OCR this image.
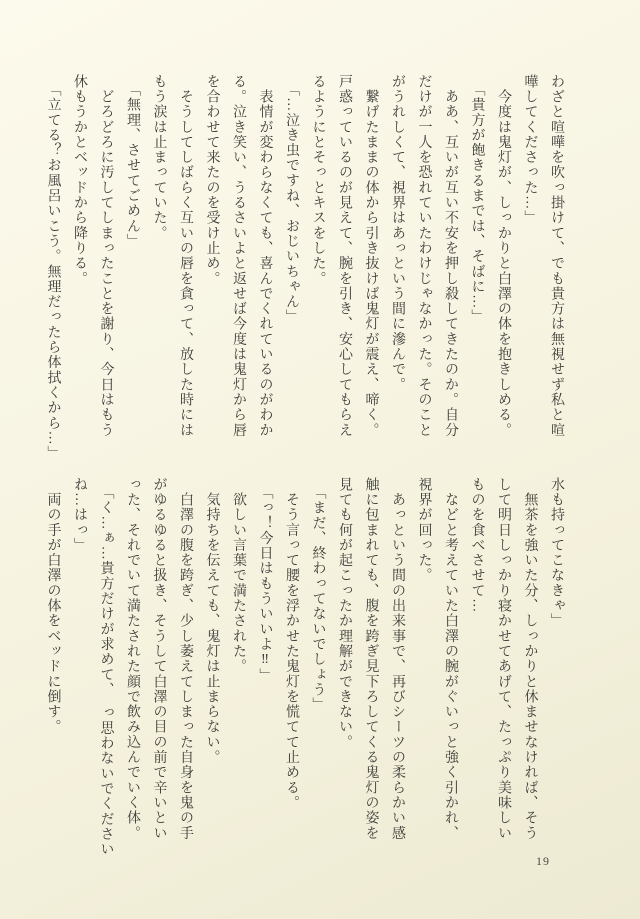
わざと喧嘩を吹っ掛けて、でも貴方は無視せず私と喧

嘩してくださった…」

　今度は鬼灯が、しっかりと白澤の体を抱きしめる。

　「貴方が飽きるまでは、そばに…」

　ああ、互いが互い不安を押し殺してきたのか。自分

だけが一人を恐れていたわけじゃなかった。そのこと

がうれしくて、視界はあっという間に滲んで。

　繋げたままの体から引き抜けば鬼灯が震え、啼く。

戸惑っているのが見えて、腕を引き、安心してもらえ

るようにとそっとキスをした。

　「…泣き虫ですね、おじいちゃん」

　表情が変わらなくても、喜んでくれているのがわか

る。泣き笑い、うるさいよと返せば今度は鬼灯から唇

を合わせて来たのを受け止め。

　そうしてしばらく互いの唇を貪って、放した時には

もう涙は止まっていた。

　「無理、させてごめん」

　どろどろに汚してしまったことを謝り、今日はもう

休もうかとベッドから降りる。

　「立てる？お風呂いこう。無理だったら体拭くから…」

水も持ってこなきゃ」

　無茶を強いた分、しっかりと休ませなければ、そう

して明日しっかり寝かせてあげて、たっぷり美味しい

ものを食べさせて…

　などと考えていた白澤の腕がぐいっと強く引かれ、

視界が回った。

　あっという間の出来事で、再びシーツの柔らかい感

触に包まれても、腹を跨ぎ見下ろしてくる鬼灯の姿を

見ても何が起こったか理解ができない。

　「まだ、終わってないでしょう」

　そう言って腰を浮かせた鬼灯を慌てて止める。

　「っ！今日はもういいよ‼」

　欲しい言葉で満たされた。

　気持ちを伝えても、鬼灯は止まらない。

　白澤の腹を跨ぎ、少し萎えてしまった自身を鬼の手

がゆるゆると扱き、そうして白澤の目の前で辛いとい

った、それでいて満たされた顔で飲み込んでいく体。

　「く…ぁ…貴方だけが求めて、　っ思わないでください

ね…はっ」

　両の手が白澤の体をベッドに倒す。

19
